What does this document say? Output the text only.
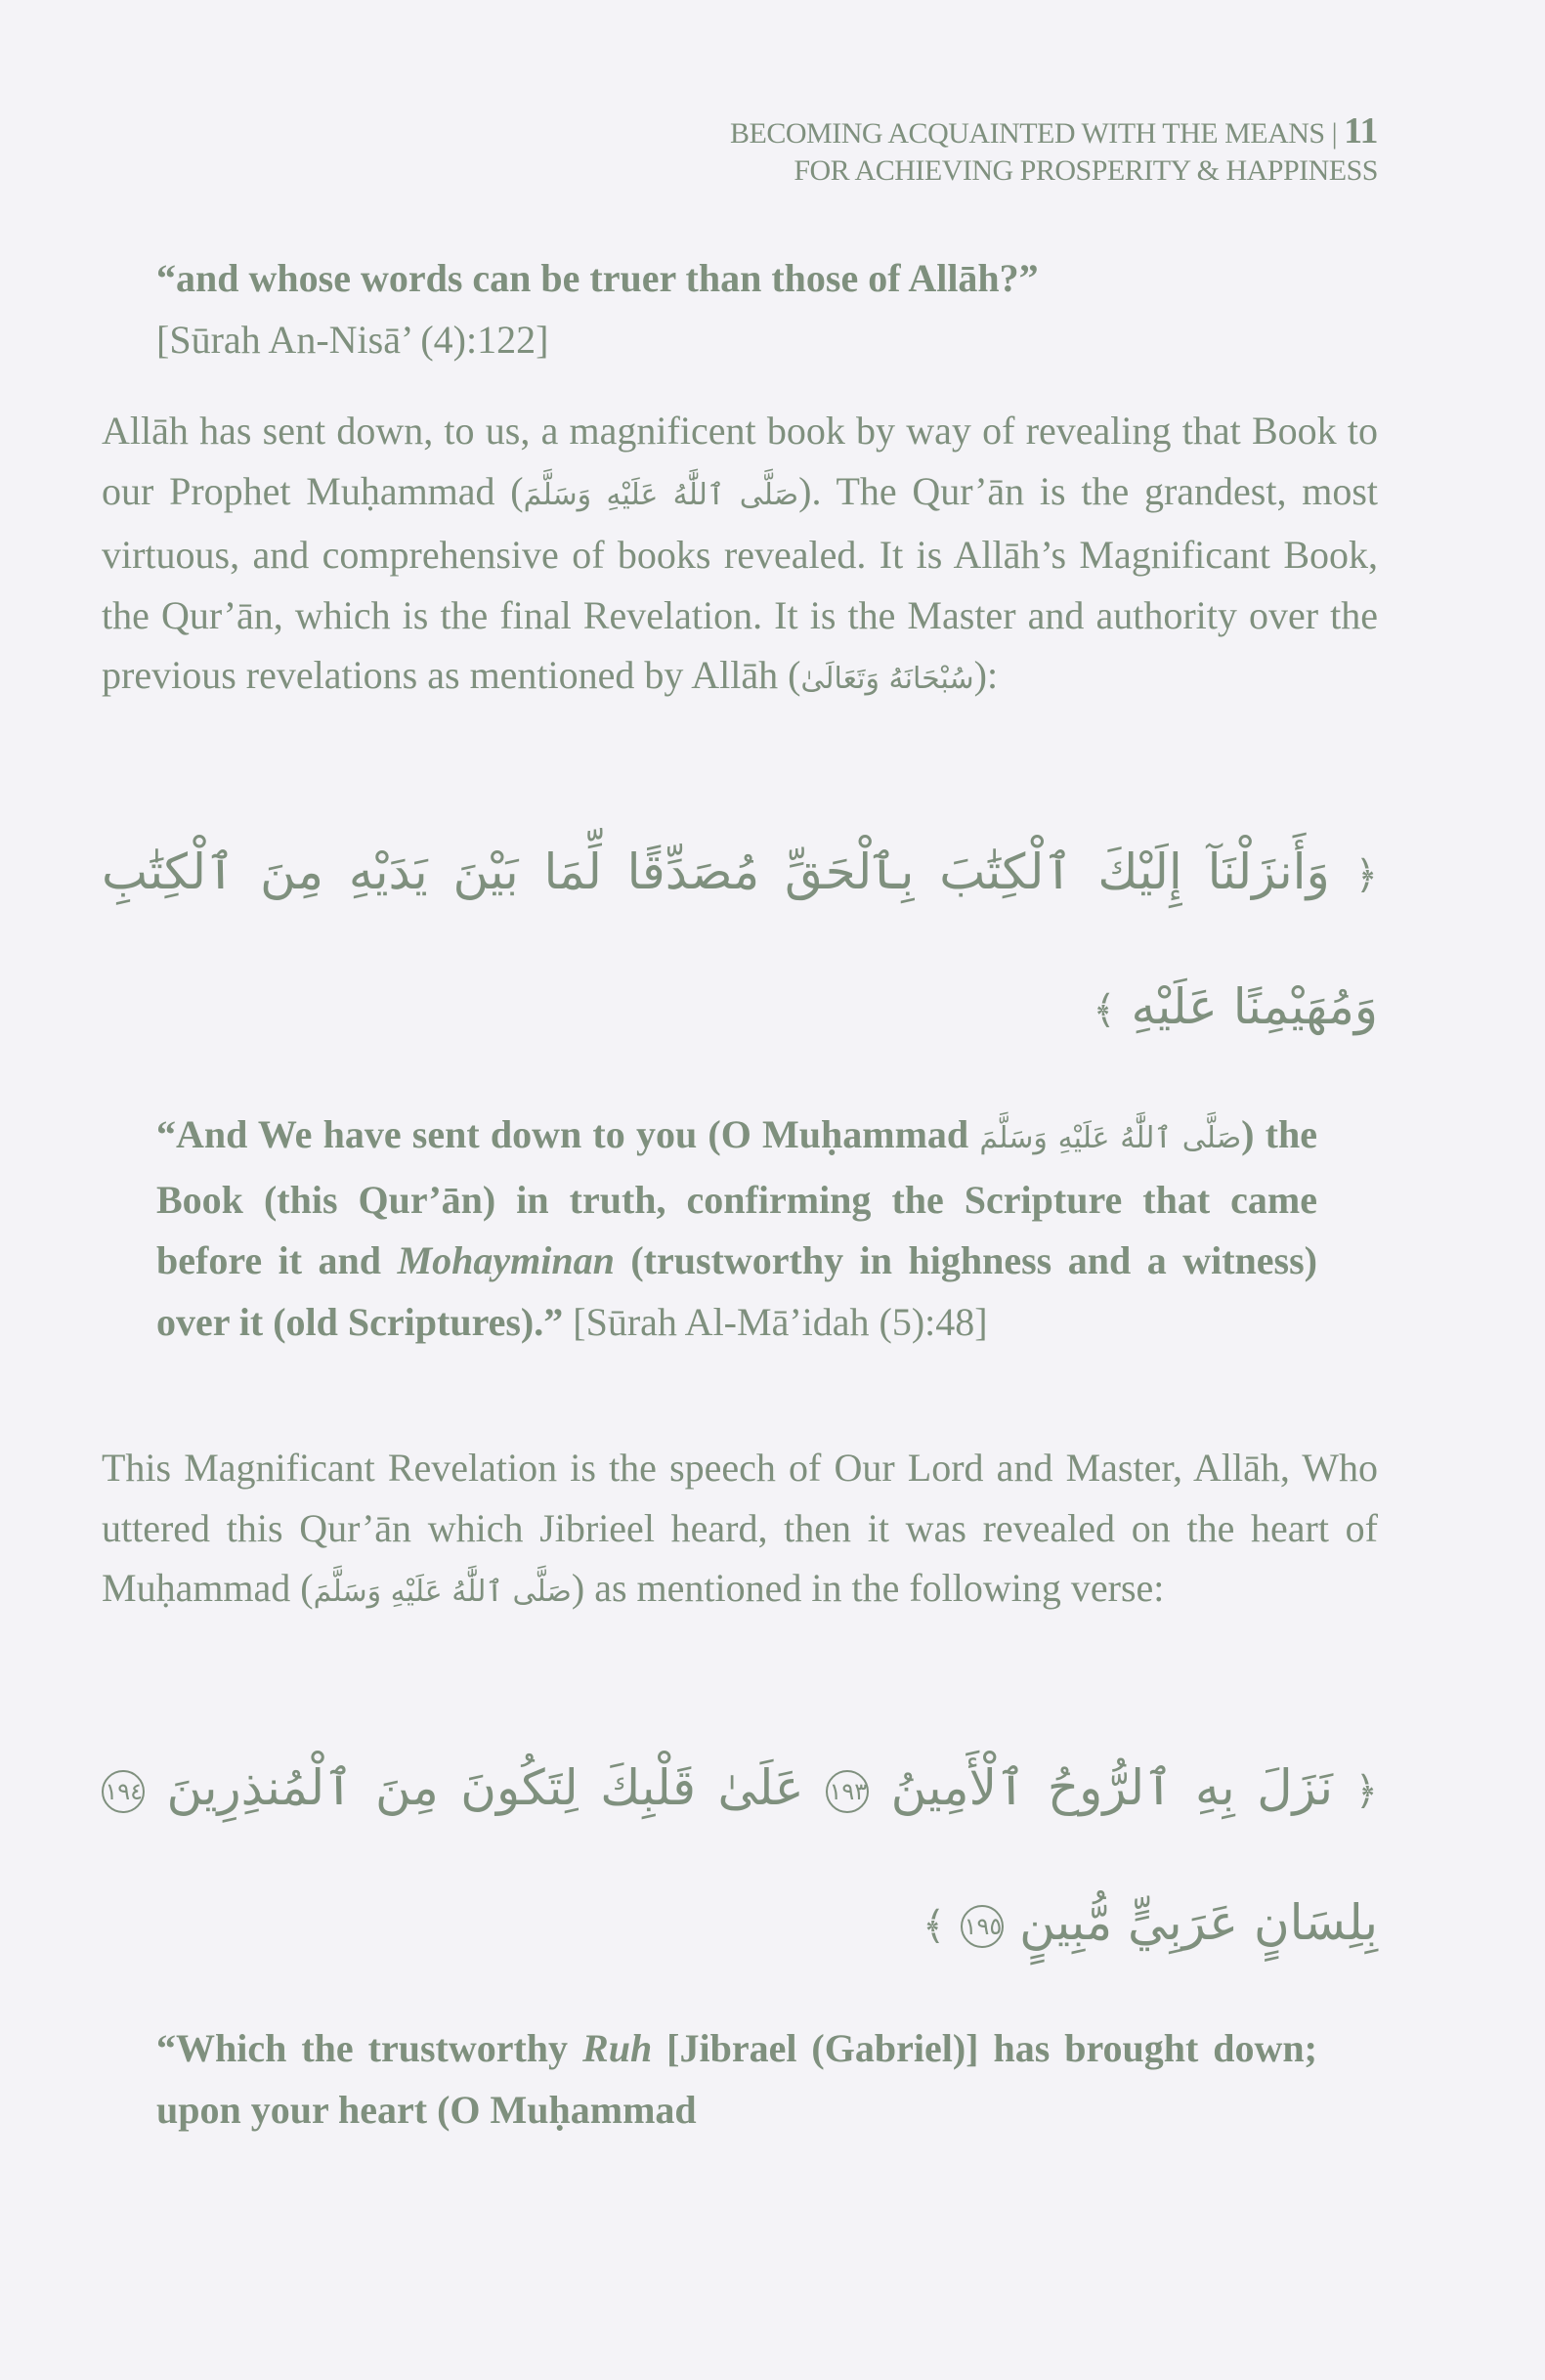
BECOMING ACQUAINTED WITH THE MEANS | 11
FOR ACHIEVING PROSPERITY & HAPPINESS
“and whose words can be truer than those of Allāh?”
[Sūrah An-Nisā’ (4):122]
Allāh has sent down, to us, a magnificent book by way of revealing that Book to our Prophet Muḥammad (صَلَّى ٱللَّٰهُ عَلَيْهِ وَسَلَّمَ). The Qur’ān is the grandest, most virtuous, and comprehensive of books revealed. It is Allāh’s Magnificant Book, the Qur’ān, which is the final Revelation. It is the Master and authority over the previous revelations as mentioned by Allāh (سُبْحَانَهُ وَتَعَالَىٰ):
﴿ وَأَنزَلْنَآ إِلَيْكَ ٱلْكِتَٰبَ بِٱلْحَقِّ مُصَدِّقًا لِّمَا بَيْنَ يَدَيْهِ مِنَ ٱلْكِتَٰبِ وَمُهَيْمِنًا عَلَيْهِ ﴾
“And We have sent down to you (O Muḥammad صَلَّى ٱللَّٰهُ عَلَيْهِ وَسَلَّمَ) the Book (this Qur’ān) in truth, confirming the Scripture that came before it and Mohayminan (trustworthy in highness and a witness) over it (old Scriptures).” [Sūrah Al-Mā’idah (5):48]
This Magnificant Revelation is the speech of Our Lord and Master, Allāh, Who uttered this Qur’ān which Jibrieel heard, then it was revealed on the heart of Muḥammad (صَلَّى ٱللَّٰهُ عَلَيْهِ وَسَلَّمَ) as mentioned in the following verse:
﴿ نَزَلَ بِهِ ٱلرُّوحُ ٱلْأَمِينُ ١٩٣ عَلَىٰ قَلْبِكَ لِتَكُونَ مِنَ ٱلْمُنذِرِينَ ١٩٤ بِلِسَانٍ عَرَبِيٍّ مُّبِينٍ ١٩٥ ﴾
“Which the trustworthy Ruh [Jibrael (Gabriel)] has brought down; upon your heart (O Muḥammad
